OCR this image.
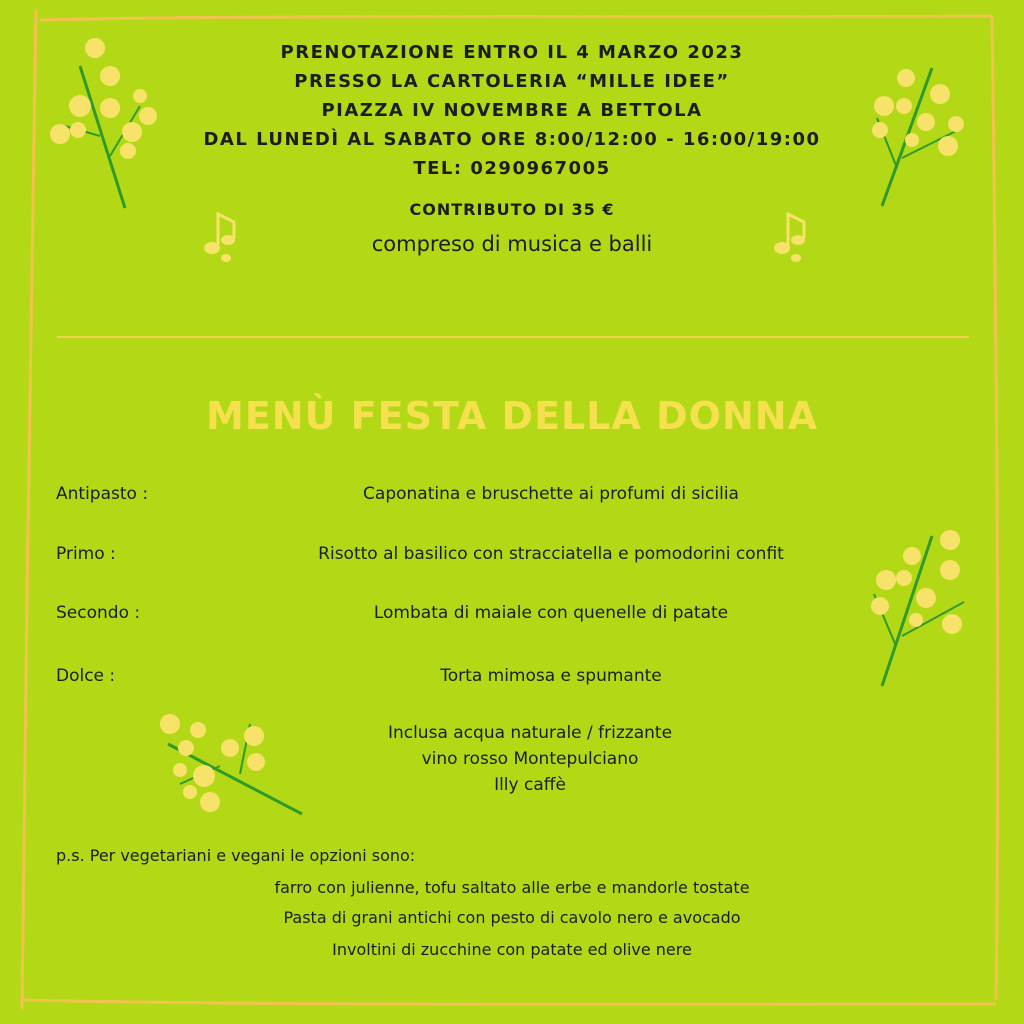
PRENOTAZIONE ENTRO IL 4 MARZO 2023
PRESSO LA CARTOLERIA “MILLE IDEE”
PIAZZA IV NOVEMBRE A BETTOLA
DAL LUNEDÌ AL SABATO ORE 8:00/12:00 - 16:00/19:00
TEL: 0290967005
CONTRIBUTO DI 35 €
compreso di musica e balli
MENÙ FESTA DELLA DONNA
Antipasto :	Caponatina e bruschette ai profumi di sicilia
Primo :	Risotto al basilico con stracciatella e pomodorini confit
Secondo :	Lombata di maiale con quenelle di patate
Dolce :	Torta mimosa e spumante
Inclusa acqua naturale / frizzante
vino rosso Montepulciano
Illy caffè
p.s. Per vegetariani e vegani le opzioni sono:
farro con julienne, tofu saltato alle erbe e mandorle tostate
Pasta di grani antichi con pesto di cavolo nero e avocado
Involtini di zucchine con patate ed olive nere
